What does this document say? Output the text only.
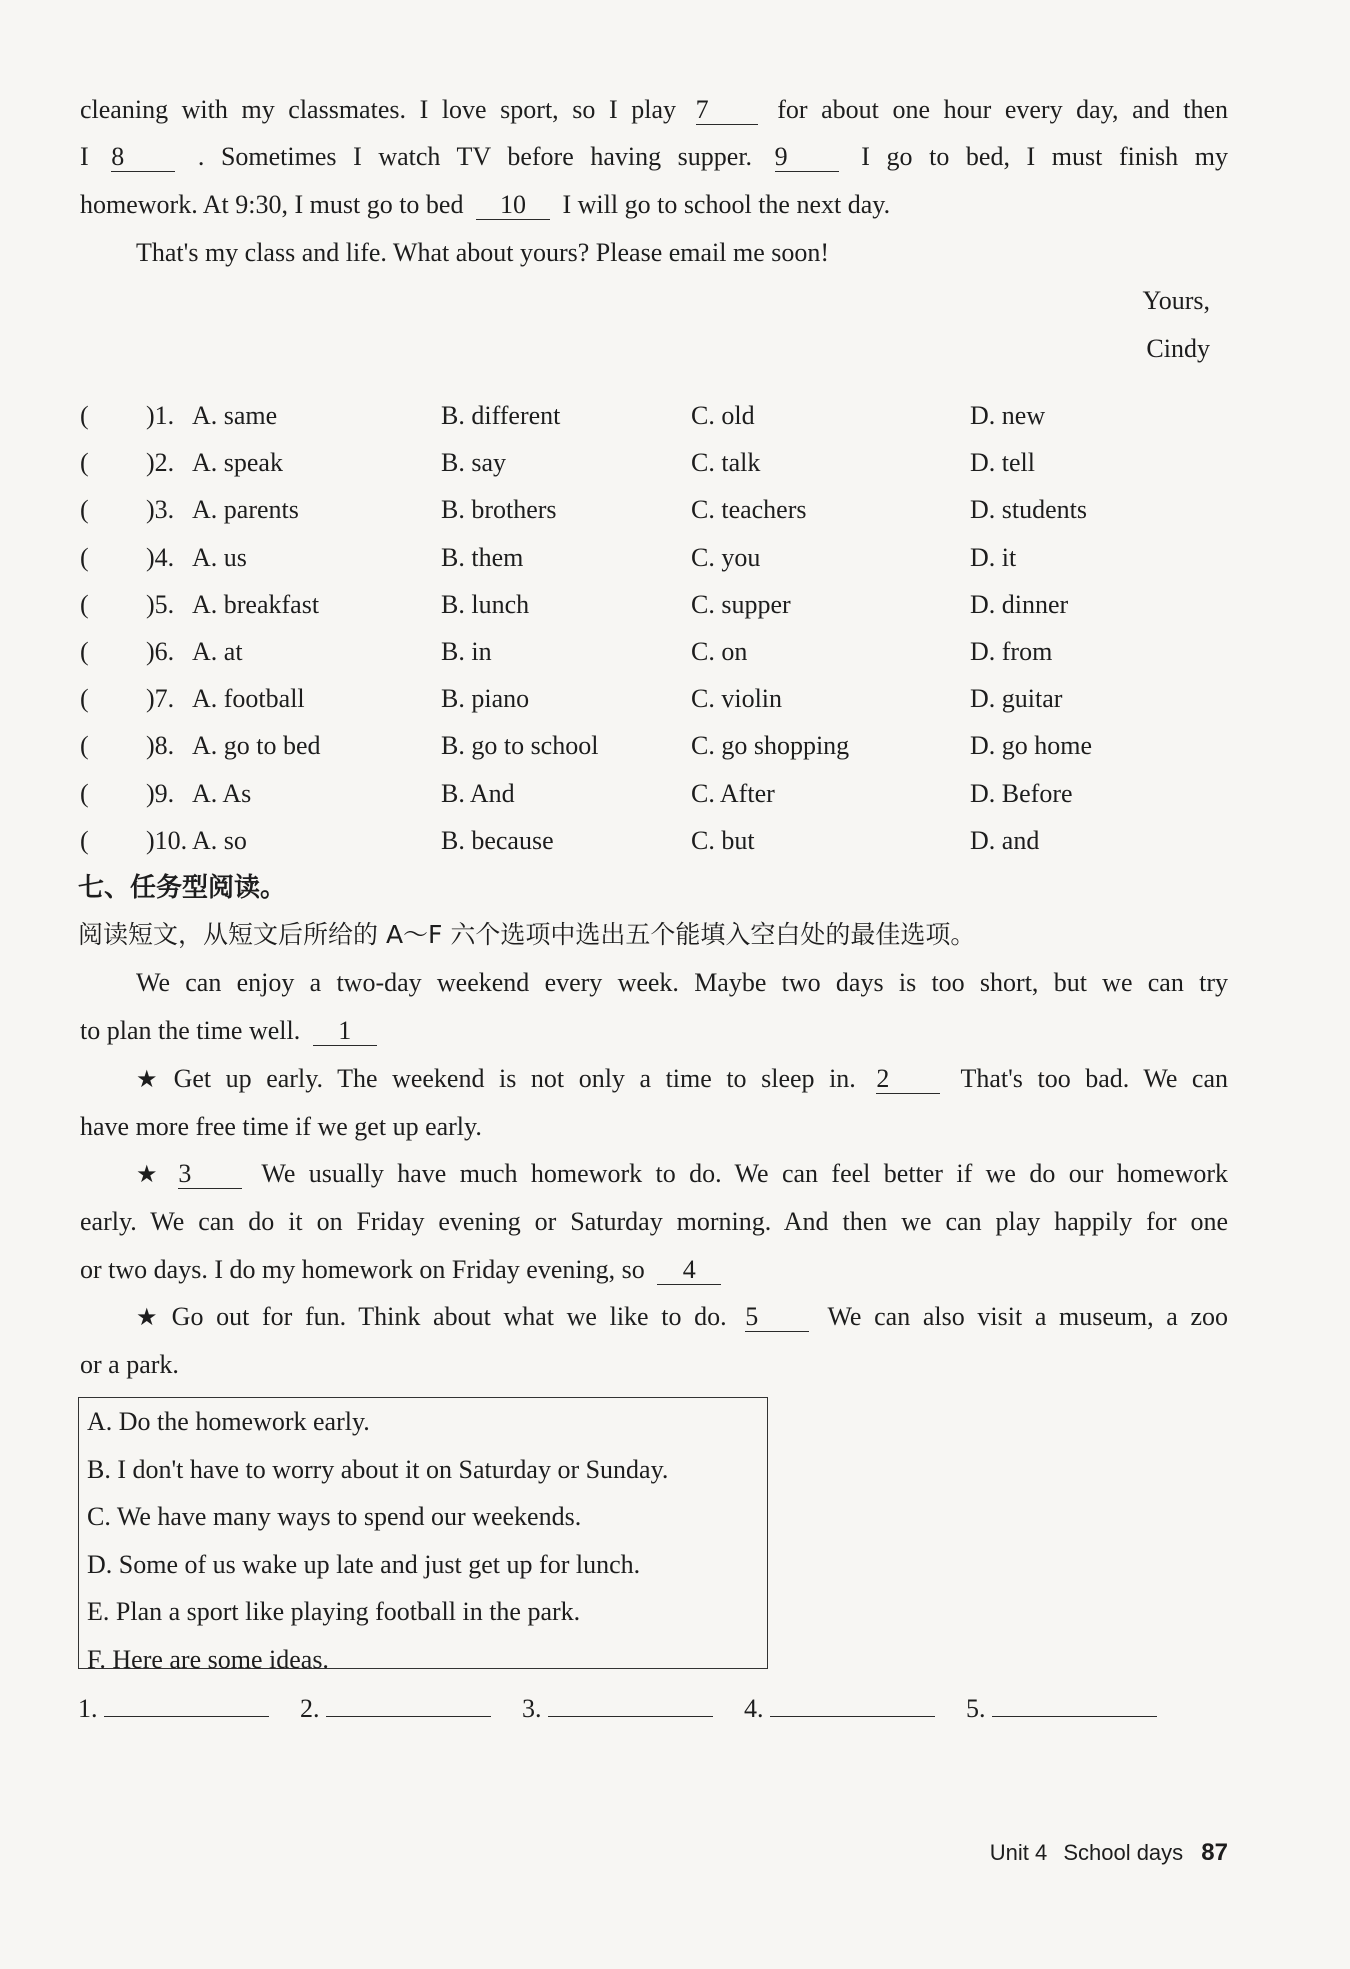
cleaning with my classmates. I love sport, so I play 7	for about one hour every day, and then
I 8	. Sometimes I watch TV before having supper. 9	I go to bed, I must finish my
homework. At 9:30, I must go to bed 10 I will go to school the next day.
That's my class and life. What about yours? Please email me soon!
Yours,
Cindy
( )1. A. same	B. different	C. old	D. new
( )2. A. speak	B. say	C. talk	D. tell
( )3. A. parents	B. brothers	C. teachers	D. students
( )4. A. us	B. them	C. you	D. it
( )5. A. breakfast	B. lunch	C. supper	D. dinner
( )6. A. at	B. in	C. on	D. from
( )7. A. football	B. piano	C. violin	D. guitar
( )8. A. go to bed	B. go to school	C. go shopping	D. go home
( )9. A. As	B. And	C. After	D. Before
( )10. A. so	B. because	C. but	D. and
七、任务型阅读。
阅读短文，从短文后所给的 A～F 六个选项中选出五个能填入空白处的最佳选项。
We can enjoy a two-day weekend every week. Maybe two days is too short, but we can try
to plan the time well. 1
★ Get up early. The weekend is not only a time to sleep in. 2	That's too bad. We can
have more free time if we get up early.
★ 3	We usually have much homework to do. We can feel better if we do our homework
early. We can do it on Friday evening or Saturday morning. And then we can play happily for one
or two days. I do my homework on Friday evening, so 4
★ Go out for fun. Think about what we like to do. 5	We can also visit a museum, a zoo
or a park.
A. Do the homework early.
B. I don't have to worry about it on Saturday or Sunday.
C. We have many ways to spend our weekends.
D. Some of us wake up late and just get up for lunch.
E. Plan a sport like playing football in the park.
F. Here are some ideas.
1.	2.	3.	4.	5.
Unit 4 School days 87
